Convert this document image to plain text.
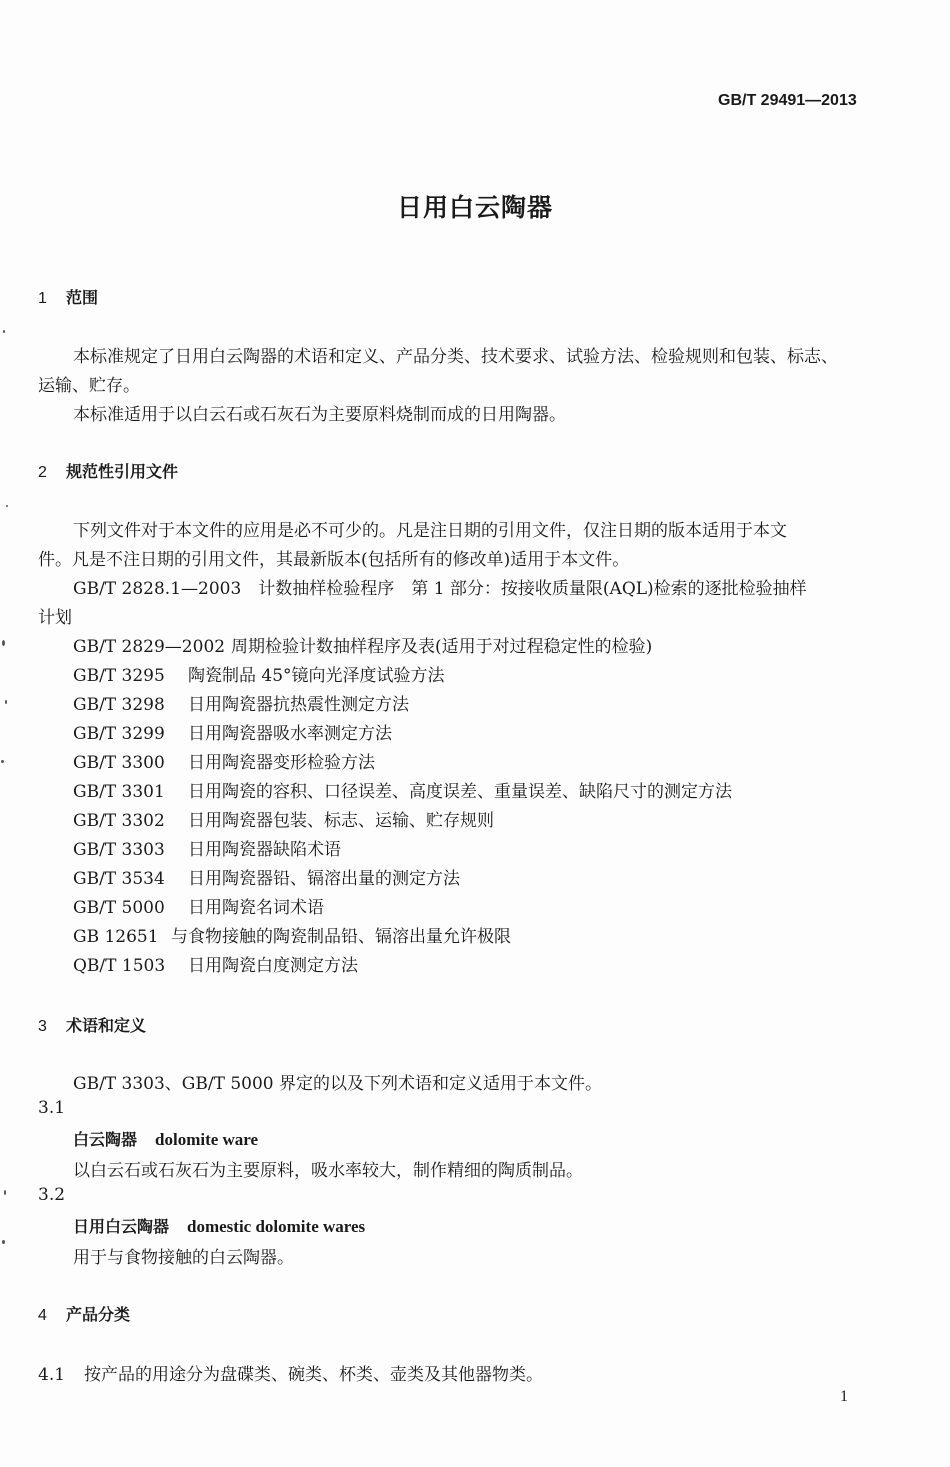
GB/T 29491—2013
日用白云陶器
1 范围
本标准规定了日用白云陶器的术语和定义、产品分类、技术要求、试验方法、检验规则和包装、标志、
运输、贮存。
本标准适用于以白云石或石灰石为主要原料烧制而成的日用陶器。
2 规范性引用文件
下列文件对于本文件的应用是必不可少的。凡是注日期的引用文件，仅注日期的版本适用于本文
件。凡是不注日期的引用文件，其最新版本(包括所有的修改单)适用于本文件。
GB/T 2828.1—2003　计数抽样检验程序　第 1 部分：按接收质量限(AQL)检索的逐批检验抽样
计划
GB/T 2829—2002 周期检验计数抽样程序及表(适用于对过程稳定性的检验)
GB/T 3295 陶瓷制品 45°镜向光泽度试验方法
GB/T 3298 日用陶瓷器抗热震性测定方法
GB/T 3299 日用陶瓷器吸水率测定方法
GB/T 3300 日用陶瓷器变形检验方法
GB/T 3301 日用陶瓷的容积、口径误差、高度误差、重量误差、缺陷尺寸的测定方法
GB/T 3302 日用陶瓷器包装、标志、运输、贮存规则
GB/T 3303 日用陶瓷器缺陷术语
GB/T 3534 日用陶瓷器铅、镉溶出量的测定方法
GB/T 5000 日用陶瓷名词术语
GB 12651 与食物接触的陶瓷制品铅、镉溶出量允许极限
QB/T 1503 日用陶瓷白度测定方法
3 术语和定义
GB/T 3303、GB/T 5000 界定的以及下列术语和定义适用于本文件。
3.1
白云陶器 dolomite ware
以白云石或石灰石为主要原料，吸水率较大，制作精细的陶质制品。
3.2
日用白云陶器 domestic dolomite wares
用于与食物接触的白云陶器。
4 产品分类
4.1 按产品的用途分为盘碟类、碗类、杯类、壶类及其他器物类。
1
